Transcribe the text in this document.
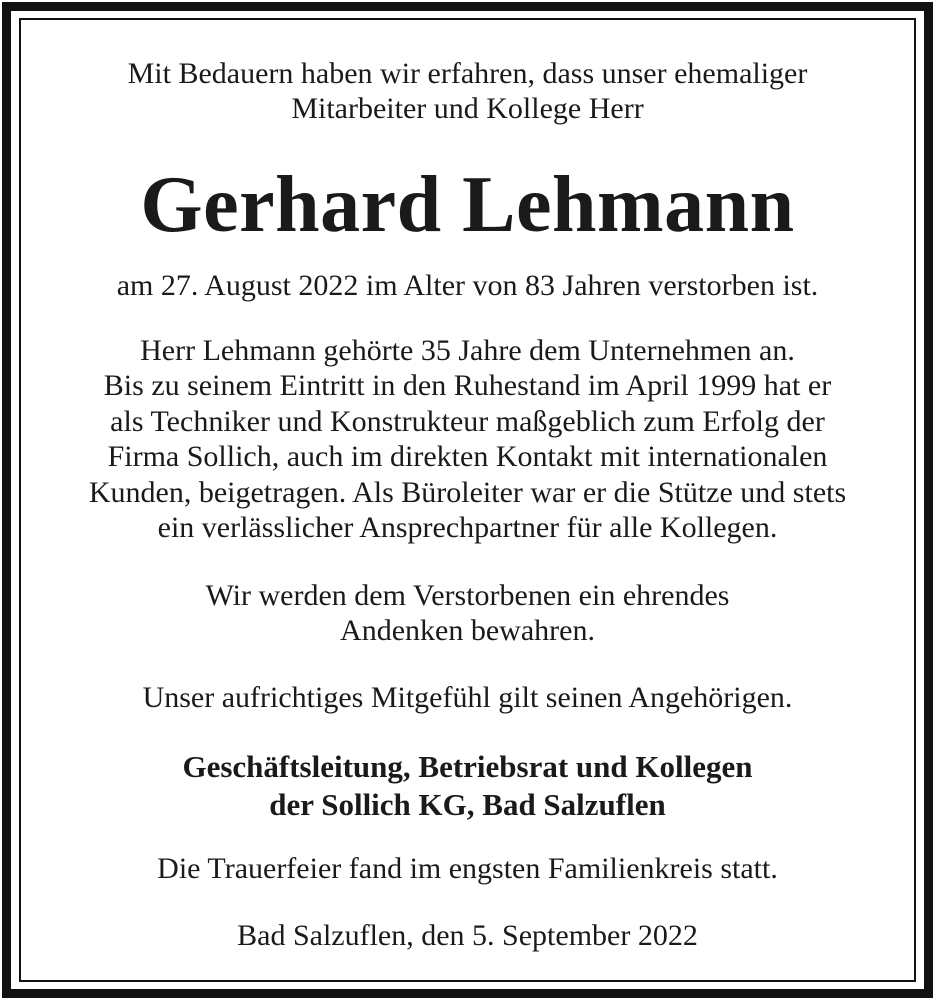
Mit Bedauern haben wir erfahren, dass unser ehemaliger
Mitarbeiter und Kollege Herr
Gerhard Lehmann
am 27. August 2022 im Alter von 83 Jahren verstorben ist.
Herr Lehmann gehörte 35 Jahre dem Unternehmen an.
Bis zu seinem Eintritt in den Ruhestand im April 1999 hat er
als Techniker und Konstrukteur maßgeblich zum Erfolg der
Firma Sollich, auch im direkten Kontakt mit internationalen
Kunden, beigetragen. Als Büroleiter war er die Stütze und stets
ein verlässlicher Ansprechpartner für alle Kollegen.
Wir werden dem Verstorbenen ein ehrendes
Andenken bewahren.
Unser aufrichtiges Mitgefühl gilt seinen Angehörigen.
Geschäftsleitung, Betriebsrat und Kollegen
der Sollich KG, Bad Salzuflen
Die Trauerfeier fand im engsten Familienkreis statt.
Bad Salzuflen, den 5. September 2022
